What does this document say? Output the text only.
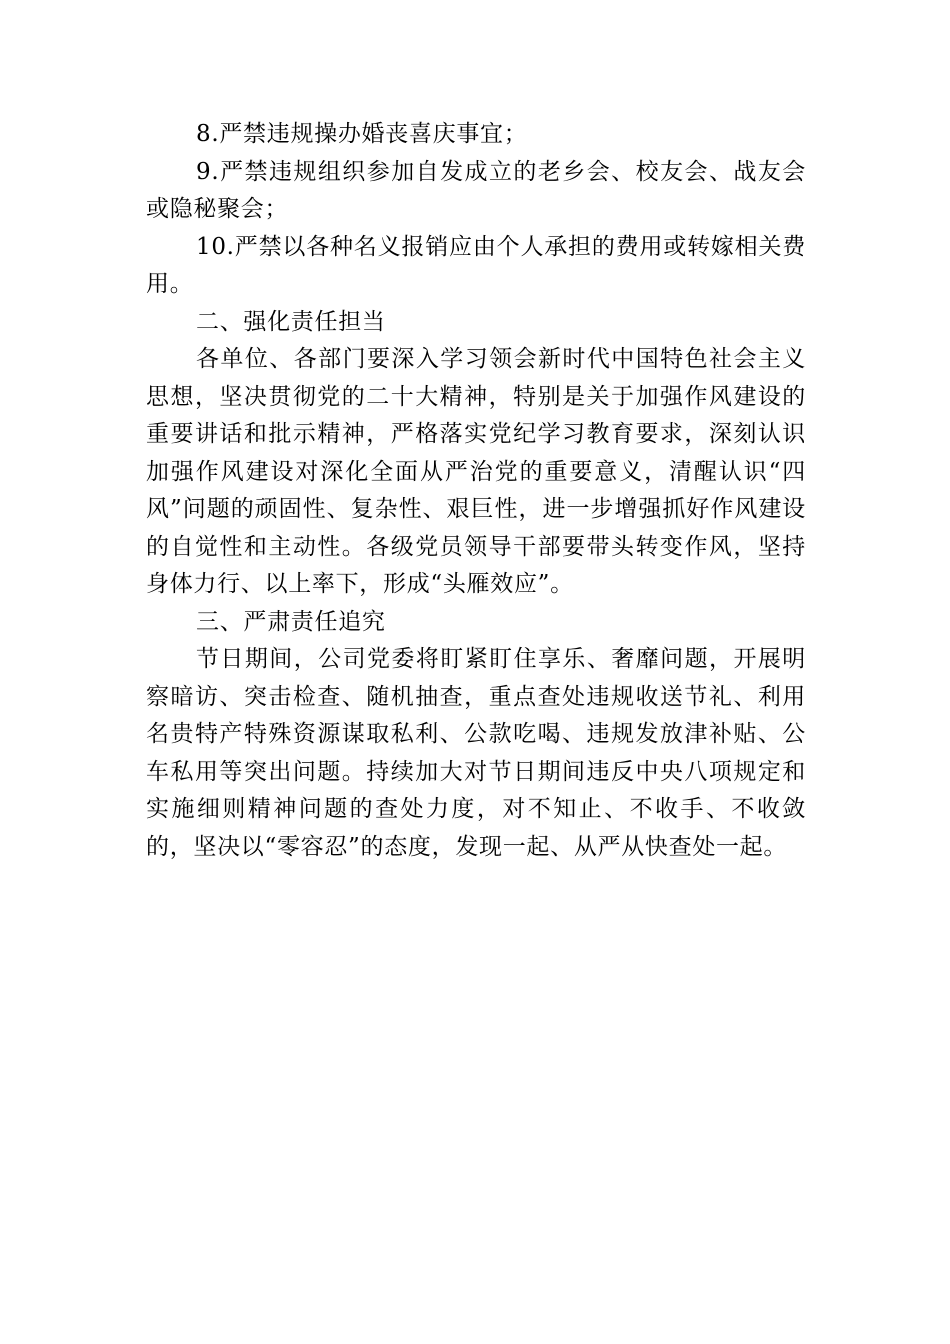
8.严禁违规操办婚丧喜庆事宜；

9.严禁违规组织参加自发成立的老乡会、校友会、战友会或隐秘聚会；

10.严禁以各种名义报销应由个人承担的费用或转嫁相关费用。

二、强化责任担当

各单位、各部门要深入学习领会新时代中国特色社会主义思想，坚决贯彻党的二十大精神，特别是关于加强作风建设的重要讲话和批示精神，严格落实党纪学习教育要求，深刻认识加强作风建设对深化全面从严治党的重要意义，清醒认识“四风”问题的顽固性、复杂性、艰巨性，进一步增强抓好作风建设的自觉性和主动性。各级党员领导干部要带头转变作风，坚持身体力行、以上率下，形成“头雁效应”。

三、严肃责任追究

节日期间，公司党委将盯紧盯住享乐、奢靡问题，开展明察暗访、突击检查、随机抽查，重点查处违规收送节礼、利用名贵特产特殊资源谋取私利、公款吃喝、违规发放津补贴、公车私用等突出问题。持续加大对节日期间违反中央八项规定和实施细则精神问题的查处力度，对不知止、不收手、不收敛的，坚决以“零容忍”的态度，发现一起、从严从快查处一起。
